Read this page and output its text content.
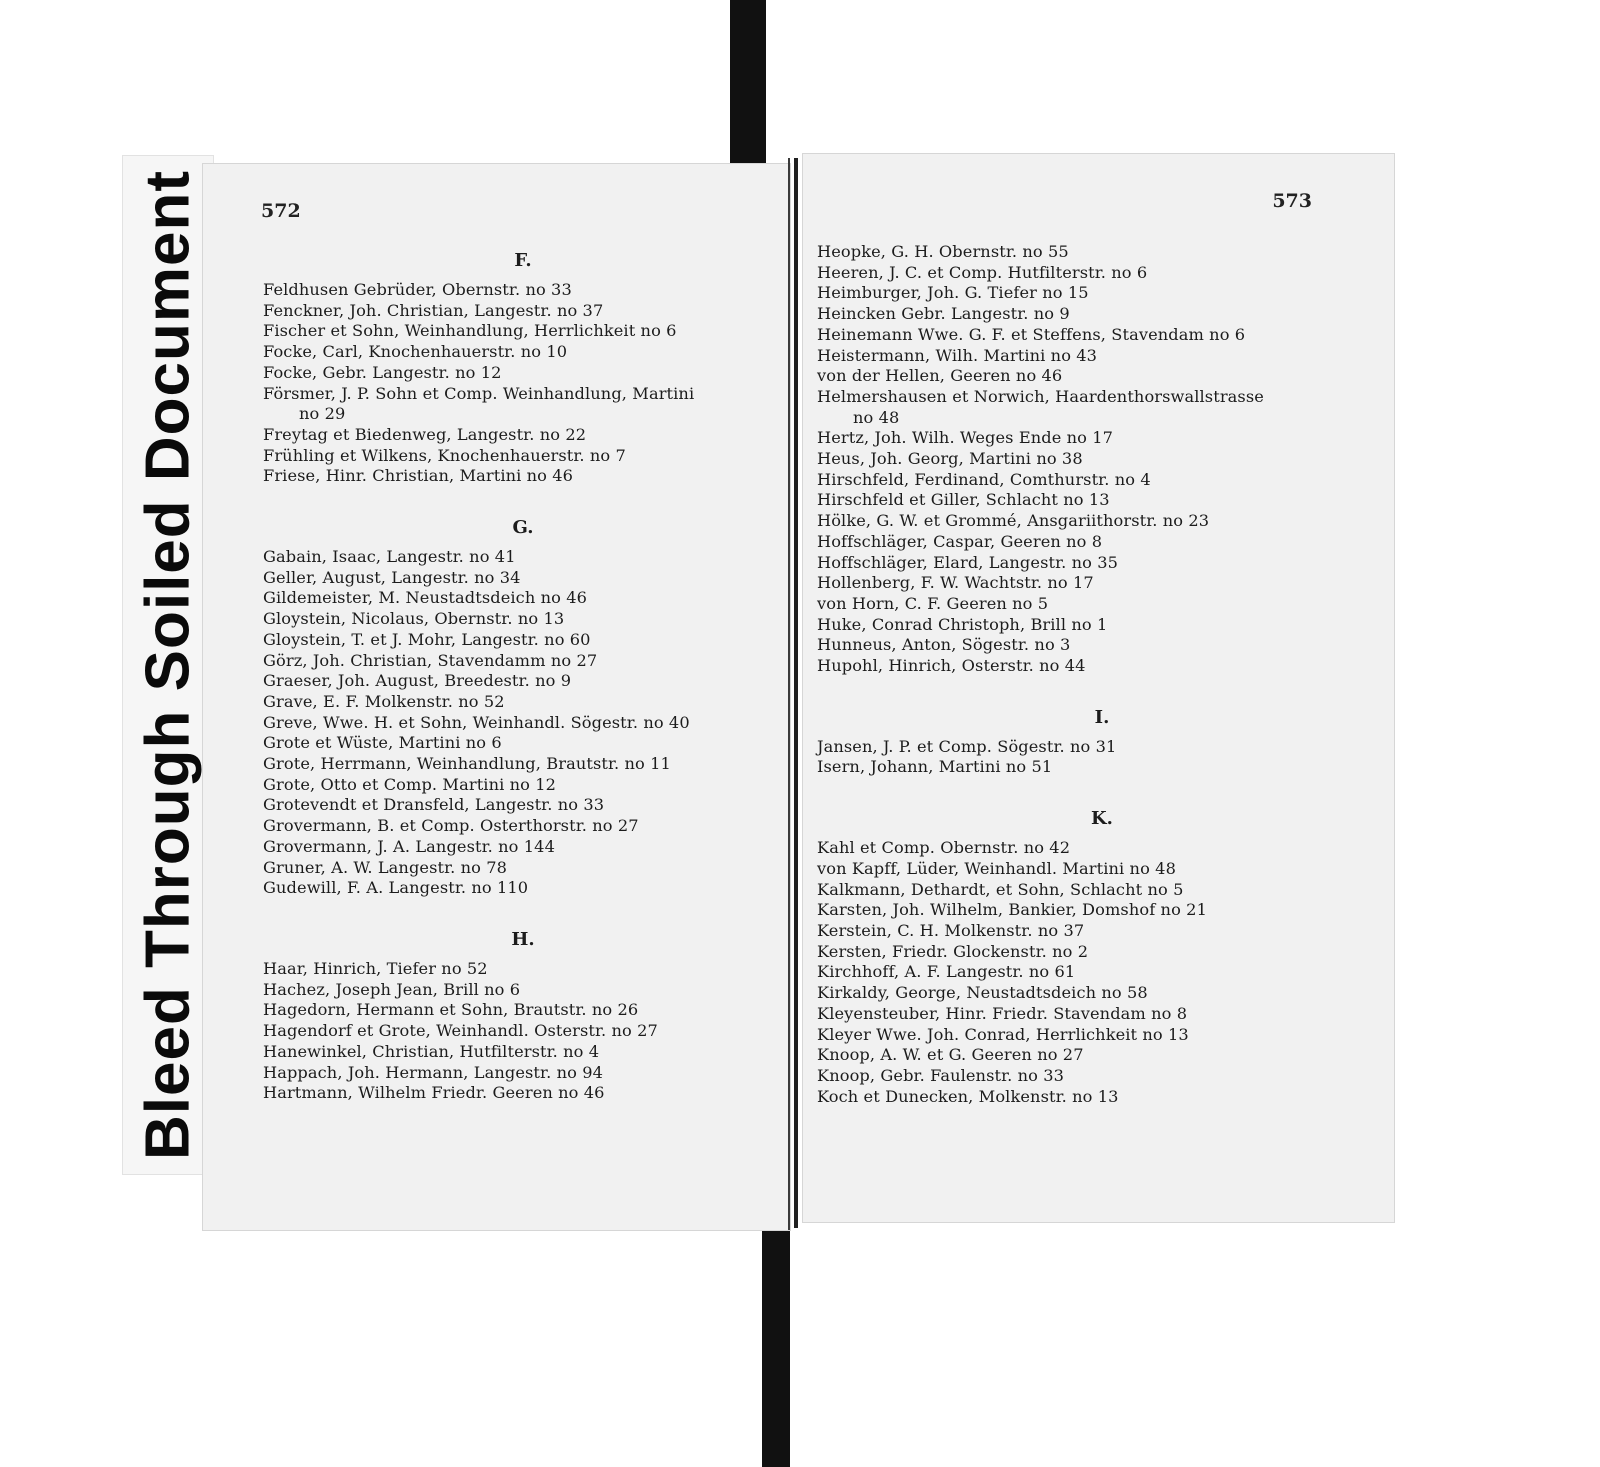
Bleed Through Soiled Document	572
F.
Feldhusen Gebrüder, Obernstr. no 33
Fenckner, Joh. Christian, Langestr. no 37
Fischer et Sohn, Weinhandlung, Herrlichkeit no 6
Focke, Carl, Knochenhauerstr. no 10
Focke, Gebr. Langestr. no 12
Försmer, J. P. Sohn et Comp. Weinhandlung, Martini
no 29
Freytag et Biedenweg, Langestr. no 22
Frühling et Wilkens, Knochenhauerstr. no 7
Friese, Hinr. Christian, Martini no 46
G.
Gabain, Isaac, Langestr. no 41
Geller, August, Langestr. no 34
Gildemeister, M. Neustadtsdeich no 46
Gloystein, Nicolaus, Obernstr. no 13
Gloystein, T. et J. Mohr, Langestr. no 60
Görz, Joh. Christian, Stavendamm no 27
Graeser, Joh. August, Breedestr. no 9
Grave, E. F. Molkenstr. no 52
Greve, Wwe. H. et Sohn, Weinhandl. Sögestr. no 40
Grote et Wüste, Martini no 6
Grote, Herrmann, Weinhandlung, Brautstr. no 11
Grote, Otto et Comp. Martini no 12
Grotevendt et Dransfeld, Langestr. no 33
Grovermann, B. et Comp. Osterthorstr. no 27
Grovermann, J. A. Langestr. no 144
Gruner, A. W. Langestr. no 78
Gudewill, F. A. Langestr. no 110
H.
Haar, Hinrich, Tiefer no 52
Hachez, Joseph Jean, Brill no 6
Hagedorn, Hermann et Sohn, Brautstr. no 26
Hagendorf et Grote, Weinhandl. Osterstr. no 27
Hanewinkel, Christian, Hutfilterstr. no 4
Happach, Joh. Hermann, Langestr. no 94
Hartmann, Wilhelm Friedr. Geeren no 46
573
Heopke, G. H. Obernstr. no 55
Heeren, J. C. et Comp. Hutfilterstr. no 6
Heimburger, Joh. G. Tiefer no 15
Heincken Gebr. Langestr. no 9
Heinemann Wwe. G. F. et Steffens, Stavendam no 6
Heistermann, Wilh. Martini no 43
von der Hellen, Geeren no 46
Helmershausen et Norwich, Haardenthorswallstrasse
no 48
Hertz, Joh. Wilh. Weges Ende no 17
Heus, Joh. Georg, Martini no 38
Hirschfeld, Ferdinand, Comthurstr. no 4
Hirschfeld et Giller, Schlacht no 13
Hölke, G. W. et Grommé, Ansgariithorstr. no 23
Hoffschläger, Caspar, Geeren no 8
Hoffschläger, Elard, Langestr. no 35
Hollenberg, F. W. Wachtstr. no 17
von Horn, C. F. Geeren no 5
Huke, Conrad Christoph, Brill no 1
Hunneus, Anton, Sögestr. no 3
Hupohl, Hinrich, Osterstr. no 44
I.
Jansen, J. P. et Comp. Sögestr. no 31
Isern, Johann, Martini no 51
K.
Kahl et Comp. Obernstr. no 42
von Kapff, Lüder, Weinhandl. Martini no 48
Kalkmann, Dethardt, et Sohn, Schlacht no 5
Karsten, Joh. Wilhelm, Bankier, Domshof no 21
Kerstein, C. H. Molkenstr. no 37
Kersten, Friedr. Glockenstr. no 2
Kirchhoff, A. F. Langestr. no 61
Kirkaldy, George, Neustadtsdeich no 58
Kleyensteuber, Hinr. Friedr. Stavendam no 8
Kleyer Wwe. Joh. Conrad, Herrlichkeit no 13
Knoop, A. W. et G. Geeren no 27
Knoop, Gebr. Faulenstr. no 33
Koch et Dunecken, Molkenstr. no 13
